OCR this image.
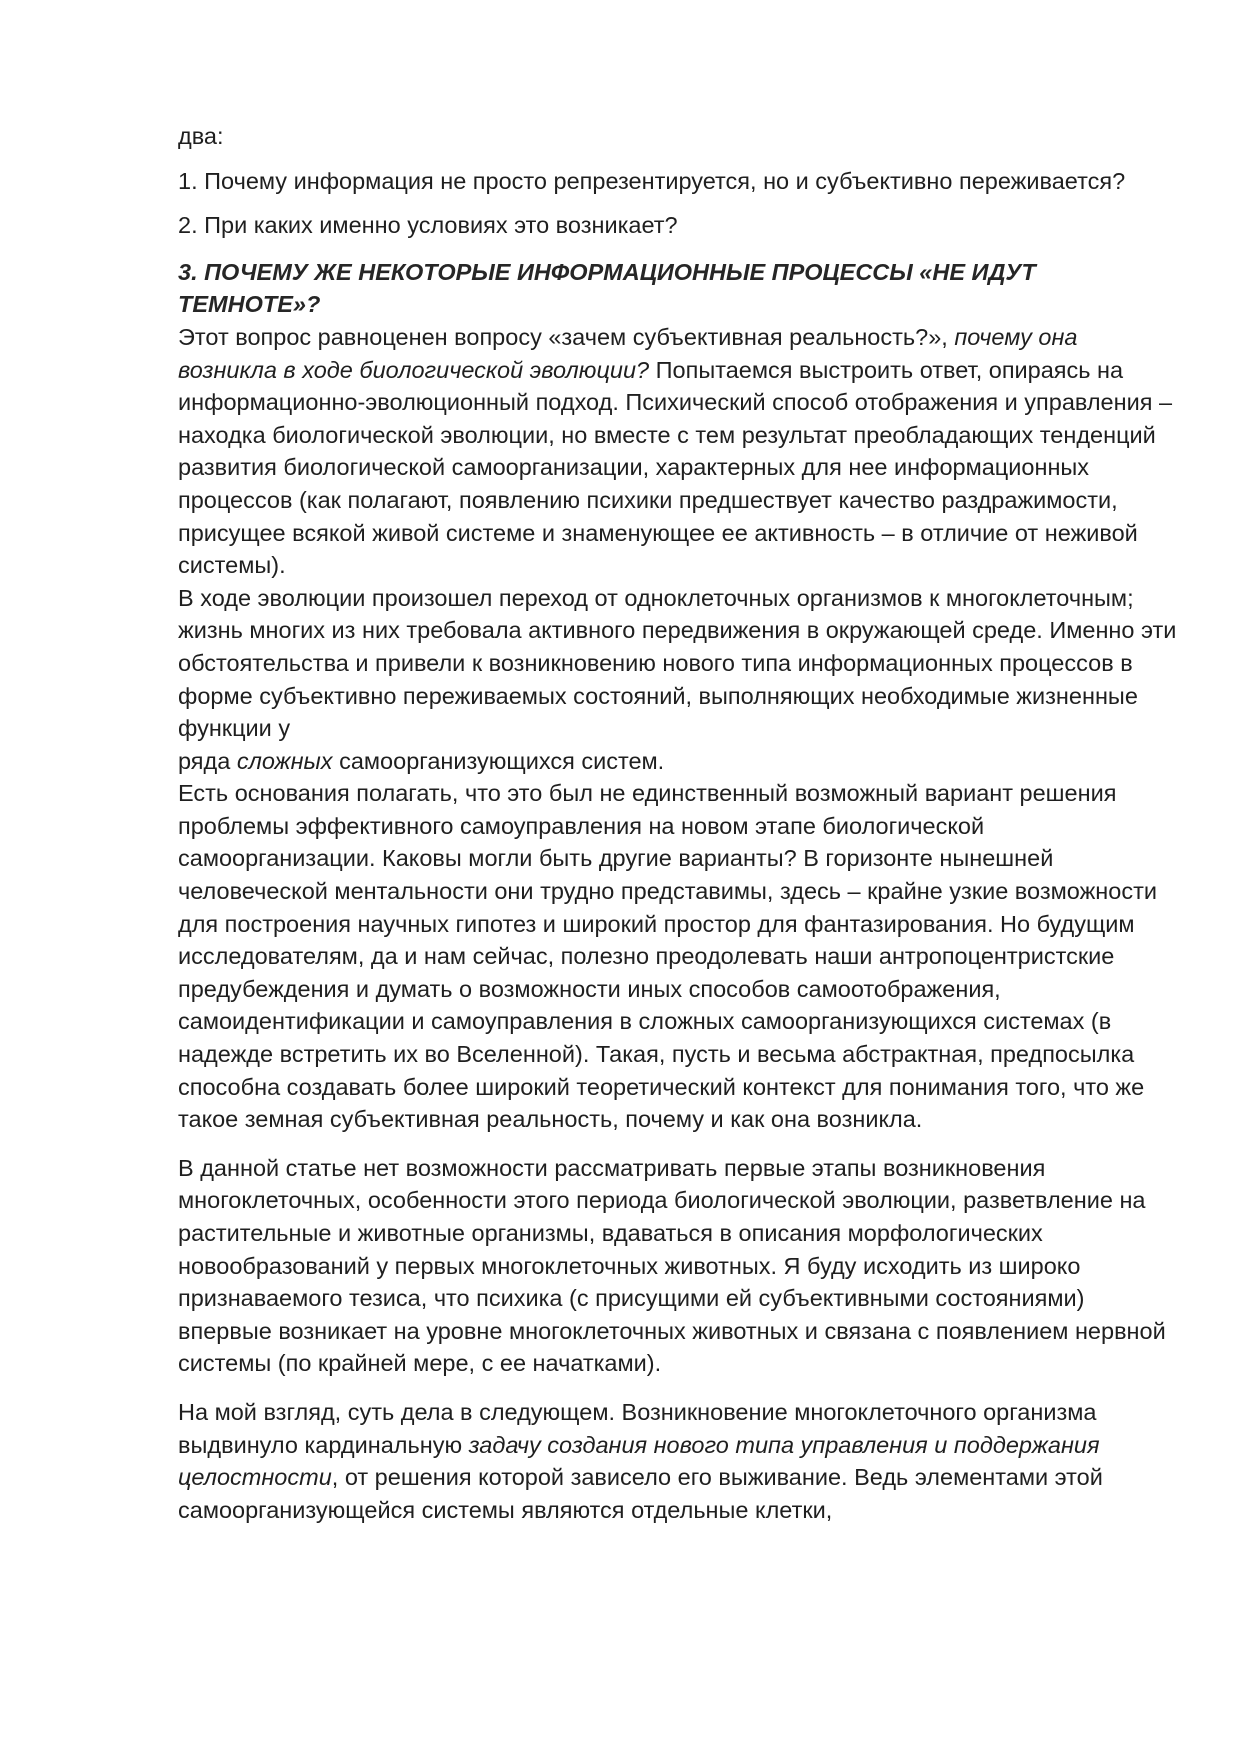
два:

1. Почему информация не просто репрезентируется, но и субъективно переживается?

2. При каких именно условиях это возникает?

3. ПОЧЕМУ ЖЕ НЕКОТОРЫЕ ИНФОРМАЦИОННЫЕ ПРОЦЕССЫ «НЕ ИДУТ ТЕМНОТЕ»?

Этот вопрос равноценен вопросу «зачем субъективная реальность?», почему она возникла в ходе биологической эволюции? Попытаемся выстроить ответ, опираясь на информационно-эволюционный подход. Психический способ отображения и управления – находка биологической эволюции, но вместе с тем результат преобладающих тенденций развития биологической самоорганизации, характерных для нее информационных процессов (как полагают, появлению психики предшествует качество раздражимости, присущее всякой живой системе и знаменующее ее активность – в отличие от неживой системы).

В ходе эволюции произошел переход от одноклеточных организмов к многоклеточным; жизнь многих из них требовала активного передвижения в окружающей среде. Именно эти обстоятельства и привели к возникновению нового типа информационных процессов в форме субъективно переживаемых состояний, выполняющих необходимые жизненные функции у
ряда сложных самоорганизующихся систем.

Есть основания полагать, что это был не единственный возможный вариант решения проблемы эффективного самоуправления на новом этапе биологической самоорганизации. Каковы могли быть другие варианты? В горизонте нынешней человеческой ментальности они трудно представимы, здесь – крайне узкие возможности для построения научных гипотез и широкий простор для фантазирования. Но будущим исследователям, да и нам сейчас, полезно преодолевать наши антропоцентристские предубеждения и думать о возможности иных способов самоотображения, самоидентификации и самоуправления в сложных самоорганизующихся системах (в надежде встретить их во Вселенной). Такая, пусть и весьма абстрактная, предпосылка способна создавать более широкий теоретический контекст для понимания того, что же такое земная субъективная реальность, почему и как она возникла.

В данной статье нет возможности рассматривать первые этапы возникновения многоклеточных, особенности этого периода биологической эволюции, разветвление на растительные и животные организмы, вдаваться в описания морфологических новообразований у первых многоклеточных животных. Я буду исходить из широко признаваемого тезиса, что психика (с присущими ей субъективными состояниями) впервые возникает на уровне многоклеточных животных и связана с появлением нервной системы (по крайней мере, с ее начатками).

На мой взгляд, суть дела в следующем. Возникновение многоклеточного организма выдвинуло кардинальную задачу создания нового типа управления и поддержания целостности, от решения которой зависело его выживание. Ведь элементами этой самоорганизующейся системы являются отдельные клетки,
